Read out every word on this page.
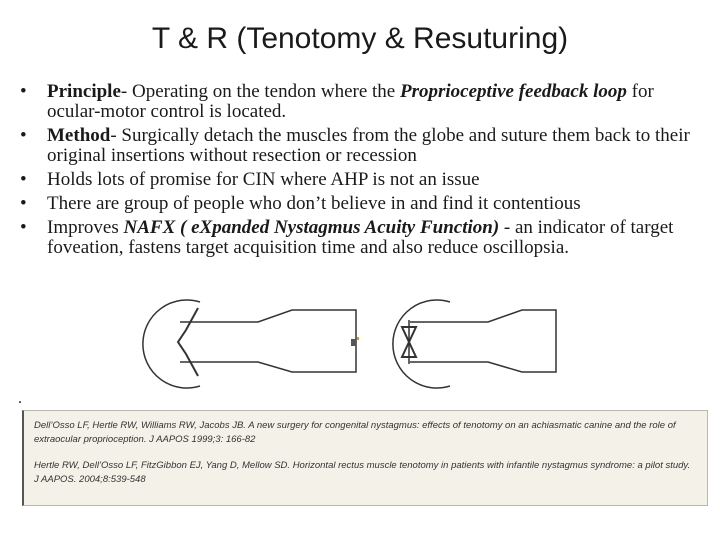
T & R (Tenotomy & Resuturing)
• Principle- Operating on the tendon where the Proprioceptive feedback loop for ocular-motor control is located.
• Method- Surgically detach the muscles from the globe and suture them back to their original insertions without resection or recession
• Holds lots of promise for CIN where AHP is not an issue
• There are group of people who don’t believe in and find it contentious
• Improves NAFX ( eXpanded Nystagmus Acuity Function) - an indicator of target foveation, fastens target acquisition time and also reduce oscillopsia.
.

Dell’Osso LF, Hertle RW, Williams RW, Jacobs JB. A new surgery for congenital nystagmus: effects of tenotomy on an achiasmatic canine and the role of extraocular proprioception. J AAPOS 1999;3: 166-82

Hertle RW, Dell’Osso LF, FitzGibbon EJ, Yang D, Mellow SD. Horizontal rectus muscle tenotomy in patients with infantile nystagmus syndrome: a pilot study. J AAPOS. 2004;8:539-548
